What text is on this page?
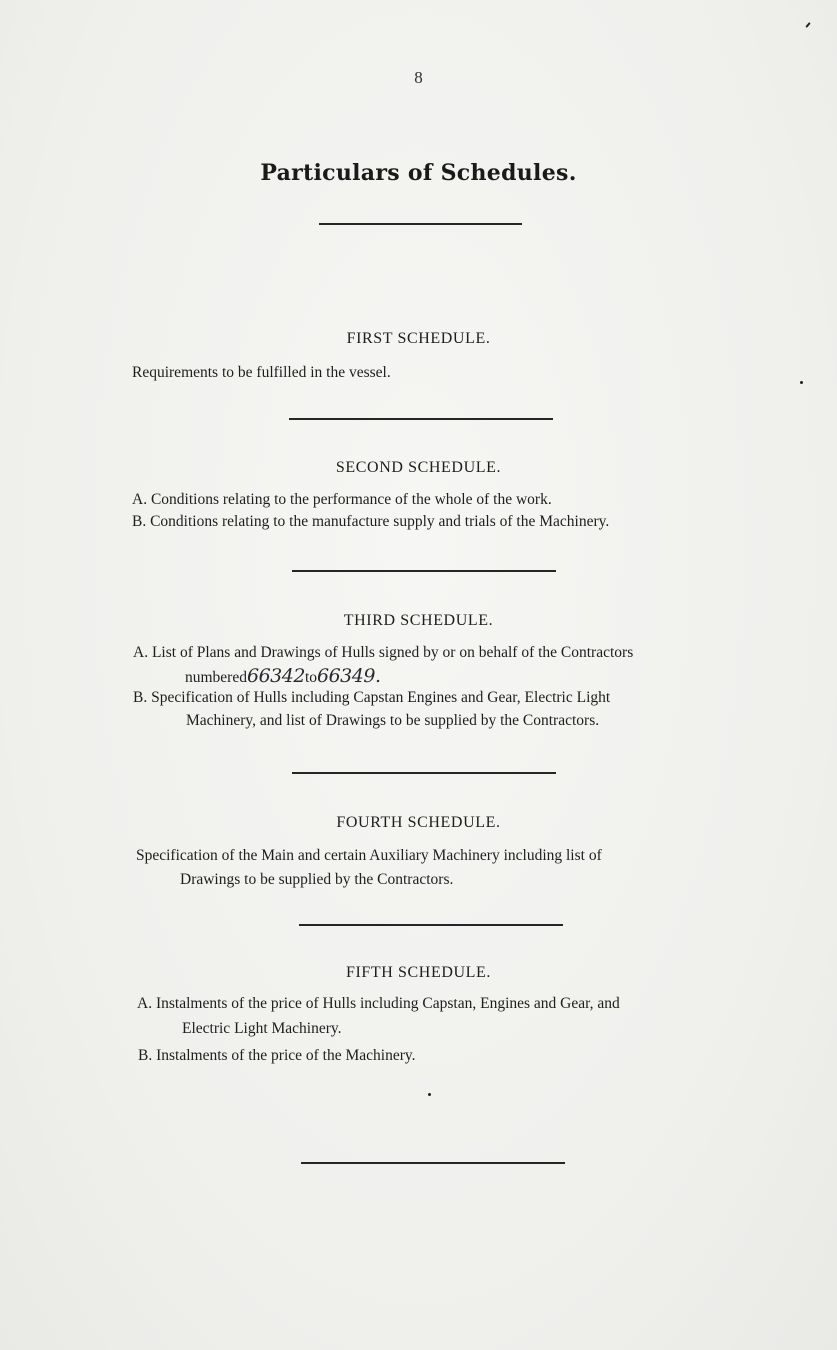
8
Particulars of Schedules.
FIRST SCHEDULE.
Requirements to be fulfilled in the vessel.
SECOND SCHEDULE.
A. Conditions relating to the performance of the whole of the work.
B. Conditions relating to the manufacture supply and trials of the Machinery.
THIRD SCHEDULE.
A. List of Plans and Drawings of Hulls signed by or on behalf of the Contractors
numbered66342to66349.
B. Specification of Hulls including Capstan Engines and Gear, Electric Light
Machinery, and list of Drawings to be supplied by the Contractors.
FOURTH SCHEDULE.
Specification of the Main and certain Auxiliary Machinery including list of
Drawings to be supplied by the Contractors.
FIFTH SCHEDULE.
A. Instalments of the price of Hulls including Capstan, Engines and Gear, and
Electric Light Machinery.
B. Instalments of the price of the Machinery.
